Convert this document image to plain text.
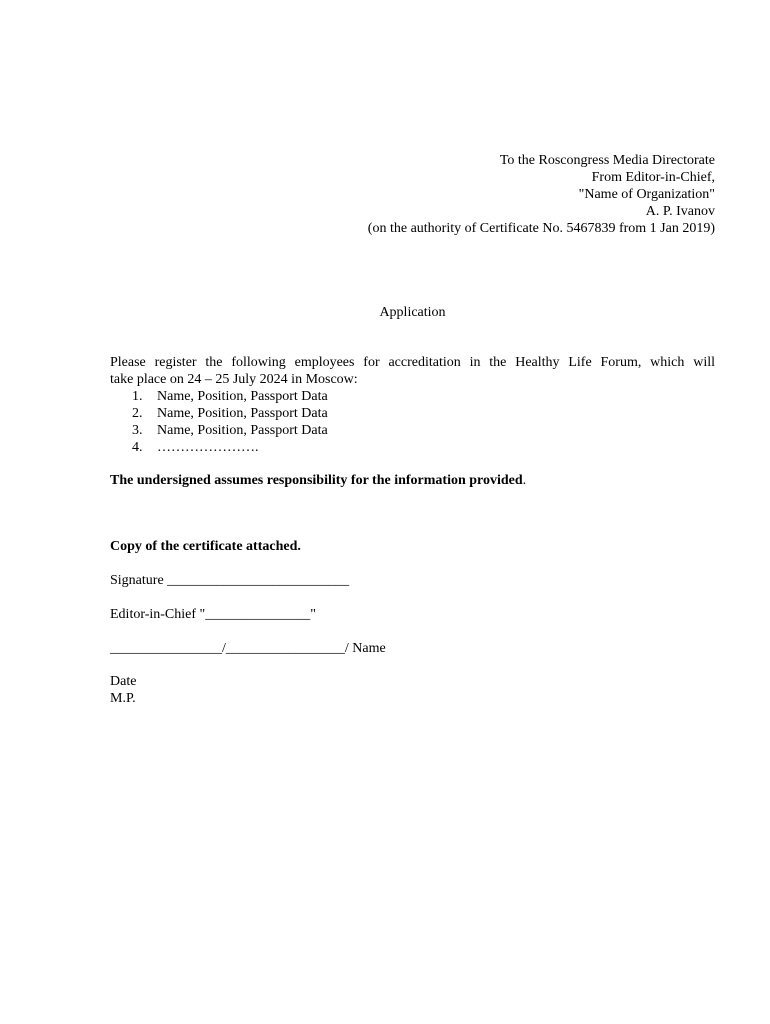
To the Roscongress Media Directorate
From Editor-in-Chief,
"Name of Organization"
A. P. Ivanov
(on the authority of Certificate No. 5467839 from 1 Jan 2019)
Application
Please register the following employees for accreditation in the Healthy Life Forum, which will
take place on 24 – 25 July 2024 in Moscow:
1.	Name, Position, Passport Data
2.	Name, Position, Passport Data
3.	Name, Position, Passport Data
4.	………………….
The undersigned assumes responsibility for the information provided.
Copy of the certificate attached.
Signature __________________________
Editor-in-Chief "_______________"
________________/_________________/ Name
Date
M.P.
